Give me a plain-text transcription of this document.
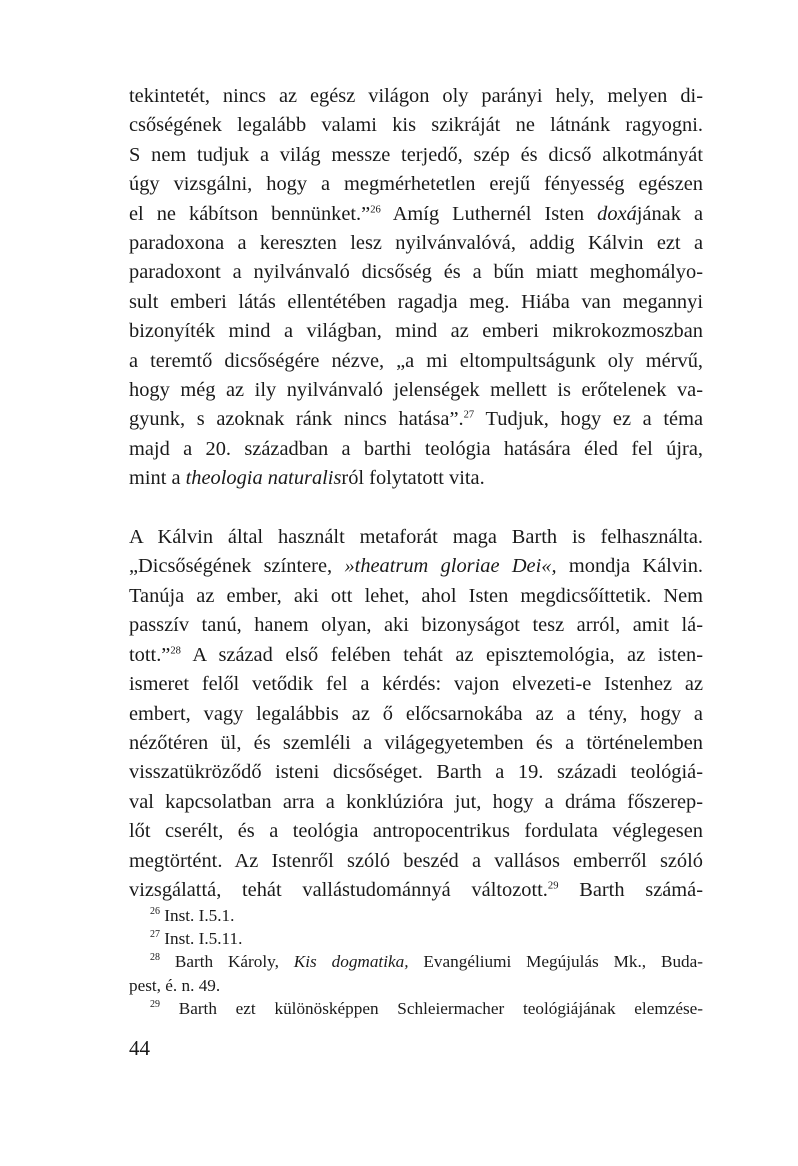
tekintetét, nincs az egész világon oly parányi hely, melyen di-
csőségének legalább valami kis szikráját ne látnánk ragyogni.
S nem tudjuk a világ messze terjedő, szép és dicső alkotmányát
úgy vizsgálni, hogy a megmérhetetlen erejű fényesség egészen
el ne kábítson bennünket.”$^{26}$ Amíg Luthernél Isten doxájának a
paradoxona a kereszten lesz nyilvánvalóvá, addig Kálvin ezt a
paradoxont a nyilvánvaló dicsőség és a bűn miatt meghomályo-
sult emberi látás ellentétében ragadja meg. Hiába van megannyi
bizonyíték mind a világban, mind az emberi mikrokozmoszban
a teremtő dicsőségére nézve, „a mi eltompultságunk oly mérvű,
hogy még az ily nyilvánvaló jelenségek mellett is erőtelenek va-
gyunk, s azoknak ránk nincs hatása”.$^{27}$ Tudjuk, hogy ez a téma
majd a 20. században a barthi teológia hatására éled fel újra,
mint a theologia naturalisról folytatott vita.

A Kálvin által használt metaforát maga Barth is felhasználta.
„Dicsőségének színtere, »theatrum gloriae Dei«, mondja Kálvin.
Tanúja az ember, aki ott lehet, ahol Isten megdicsőíttetik. Nem
passzív tanú, hanem olyan, aki bizonyságot tesz arról, amit lá-
tott.”$^{28}$ A század első felében tehát az episztemológia, az isten-
ismeret felől vetődik fel a kérdés: vajon elvezeti-e Istenhez az
embert, vagy legalábbis az ő előcsarnokába az a tény, hogy a
nézőtéren ül, és szemléli a világegyetemben és a történelemben
visszatükröződő isteni dicsőséget. Barth a 19. századi teológiá-
val kapcsolatban arra a konklúzióra jut, hogy a dráma főszerep-
lőt cserélt, és a teológia antropocentrikus fordulata véglegesen
megtörtént. Az Istenről szóló beszéd a vallásos emberről szóló
vizsgálattá, tehát vallástudománnyá változott.$^{29}$ Barth számá-

$^{26}$ Inst. I.5.1.
$^{27}$ Inst. I.5.11.
$^{28}$ Barth Károly, Kis dogmatika, Evangéliumi Megújulás Mk., Buda-
pest, é. n. 49.
$^{29}$ Barth ezt különösképpen Schleiermacher teológiájának elemzése-
44
